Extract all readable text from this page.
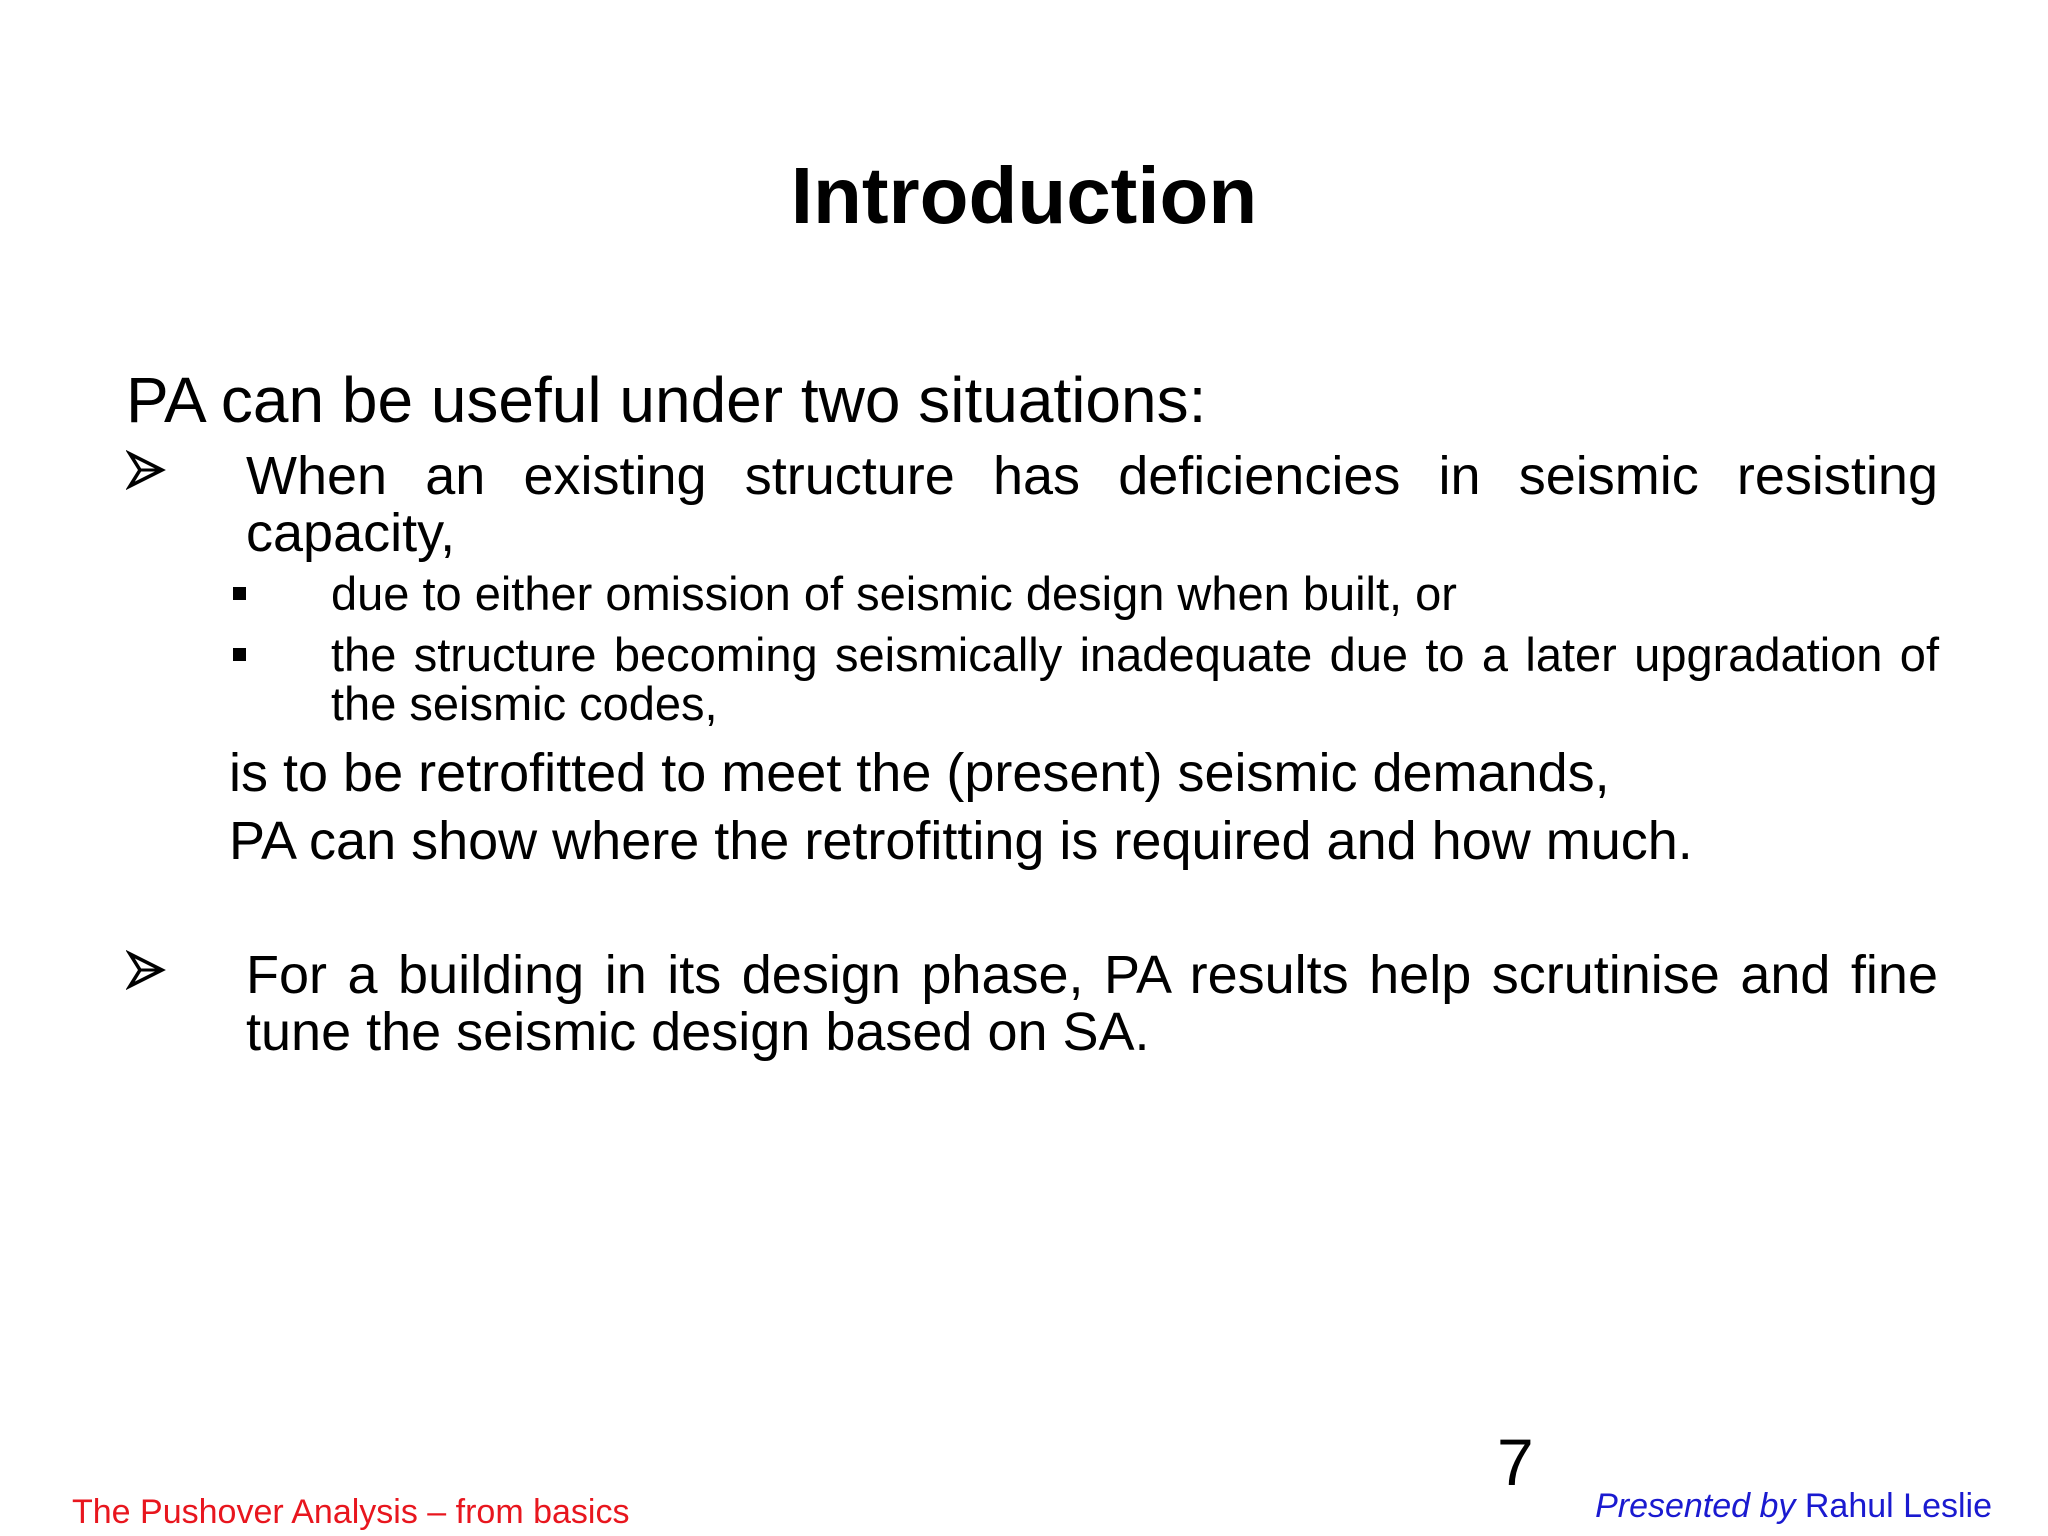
Introduction
PA can be useful under two situations:
When an existing structure has deficiencies in seismic resisting capacity,
due to either omission of seismic design when built, or
the structure becoming seismically inadequate due to a later upgradation of the seismic codes,
is to be retrofitted to meet the (present) seismic demands,
PA can show where the retrofitting is required and how much.
For a building in its design phase, PA results help scrutinise and fine tune the seismic design based on SA.
7
The Pushover Analysis – from basics	Presented by Rahul Leslie
